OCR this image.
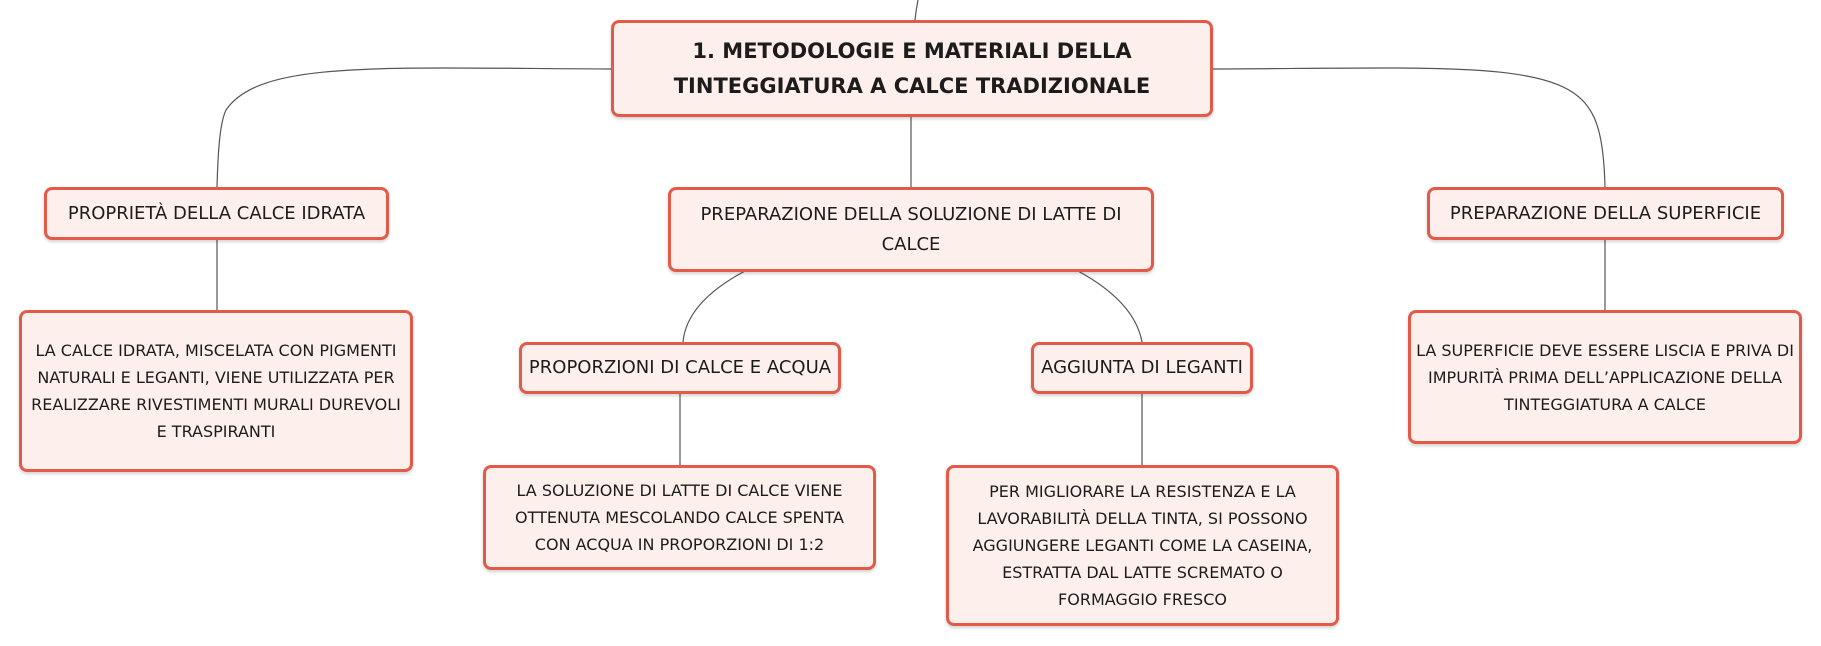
1. METODOLOGIE E MATERIALI DELLA
TINTEGGIATURA A CALCE TRADIZIONALE
PROPRIETÀ DELLA CALCE IDRATA	PREPARAZIONE DELLA SOLUZIONE DI LATTE DI
CALCE
PREPARAZIONE DELLA SUPERFICIE
LA CALCE IDRATA, MISCELATA CON PIGMENTI
NATURALI E LEGANTI, VIENE UTILIZZATA PER
REALIZZARE RIVESTIMENTI MURALI DUREVOLI
E TRASPIRANTI
PROPORZIONI DI CALCE E ACQUA	AGGIUNTA DI LEGANTI
LA SUPERFICIE DEVE ESSERE LISCIA E PRIVA DI
IMPURITÀ PRIMA DELL’APPLICAZIONE DELLA
TINTEGGIATURA A CALCE
LA SOLUZIONE DI LATTE DI CALCE VIENE
OTTENUTA MESCOLANDO CALCE SPENTA
CON ACQUA IN PROPORZIONI DI 1:2
PER MIGLIORARE LA RESISTENZA E LA
LAVORABILITÀ DELLA TINTA, SI POSSONO
AGGIUNGERE LEGANTI COME LA CASEINA,
ESTRATTA DAL LATTE SCREMATO O
FORMAGGIO FRESCO
